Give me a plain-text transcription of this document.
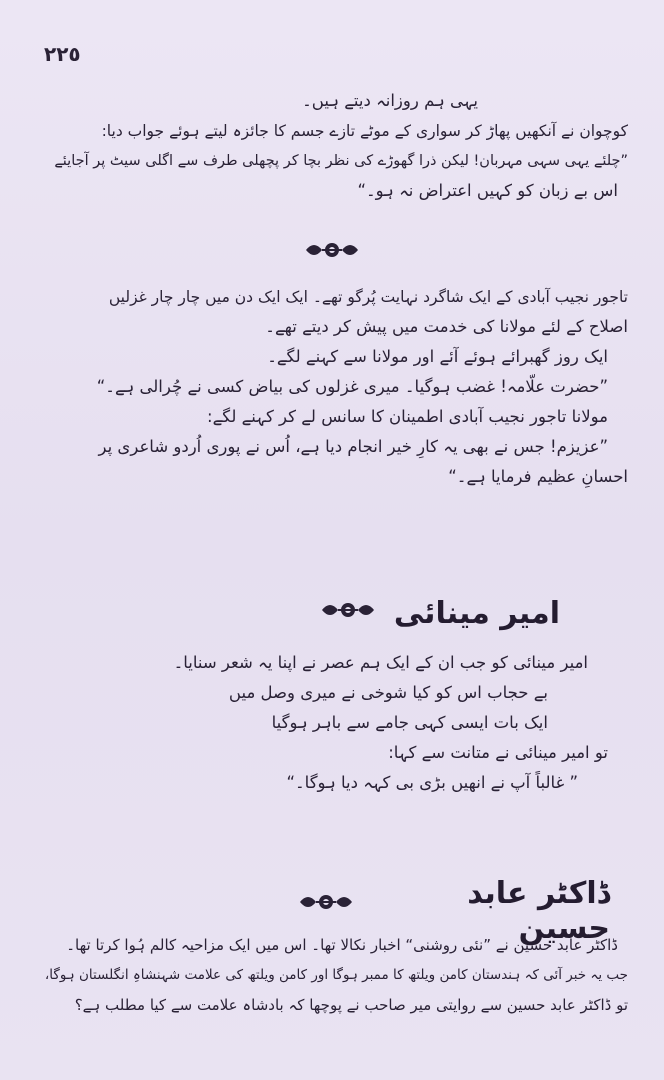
٢٢٥
یہی ہم روزانہ دیتے ہیں۔
کوچوان نے آنکھیں پھاڑ کر سواری کے موٹے تازے جسم کا جائزہ لیتے ہوئے جواب دیا:
”چلئے یہی سہی مہربان! لیکن ذرا گھوڑے کی نظر بچا کر پچھلی طرف سے اگلی سیٹ پر آجایئے
اس بے زبان کو کہیں اعتراض نہ ہو۔“
تاجور نجیب آبادی کے ایک شاگرد نہایت پُرگو تھے۔ ایک ایک دن میں چار چار غزلیں
اصلاح کے لئے مولانا کی خدمت میں پیش کر دیتے تھے۔
ایک روز گھبرائے ہوئے آئے اور مولانا سے کہنے لگے۔
”حضرت علّامہ! غضب ہوگیا۔ میری غزلوں کی بیاض کسی نے چُرالی ہے۔“
مولانا تاجور نجیب آبادی اطمینان کا سانس لے کر کہنے لگے:
”عزیزم! جس نے بھی یہ کارِ خیر انجام دیا ہے، اُس نے پوری اُردو شاعری پر
احسانِ عظیم فرمایا ہے۔“
امیر مینائی
امیر مینائی کو جب ان کے ایک ہم عصر نے اپنا یہ شعر سنایا۔
بے حجاب اس کو کیا شوخی نے میری وصل میں
ایک بات ایسی کہی جامے سے باہر ہوگیا
تو امیر مینائی نے متانت سے کہا:
” غالباً آپ نے انھیں بڑی بی کہہ دیا ہوگا۔“
ڈاکٹر عابد حسین
ڈاکٹر عابد حسین نے ”نئی روشنی“ اخبار نکالا تھا۔ اس میں ایک مزاحیہ کالم ہُوا کرتا تھا۔
جب یہ خبر آئی کہ ہندستان کامن ویلتھ کا ممبر ہوگا اور کامن ویلتھ کی علامت شہنشاہِ انگلستان ہوگا،
تو ڈاکٹر عابد حسین سے روایتی میر صاحب نے پوچھا کہ بادشاہ علامت سے کیا مطلب ہے؟
